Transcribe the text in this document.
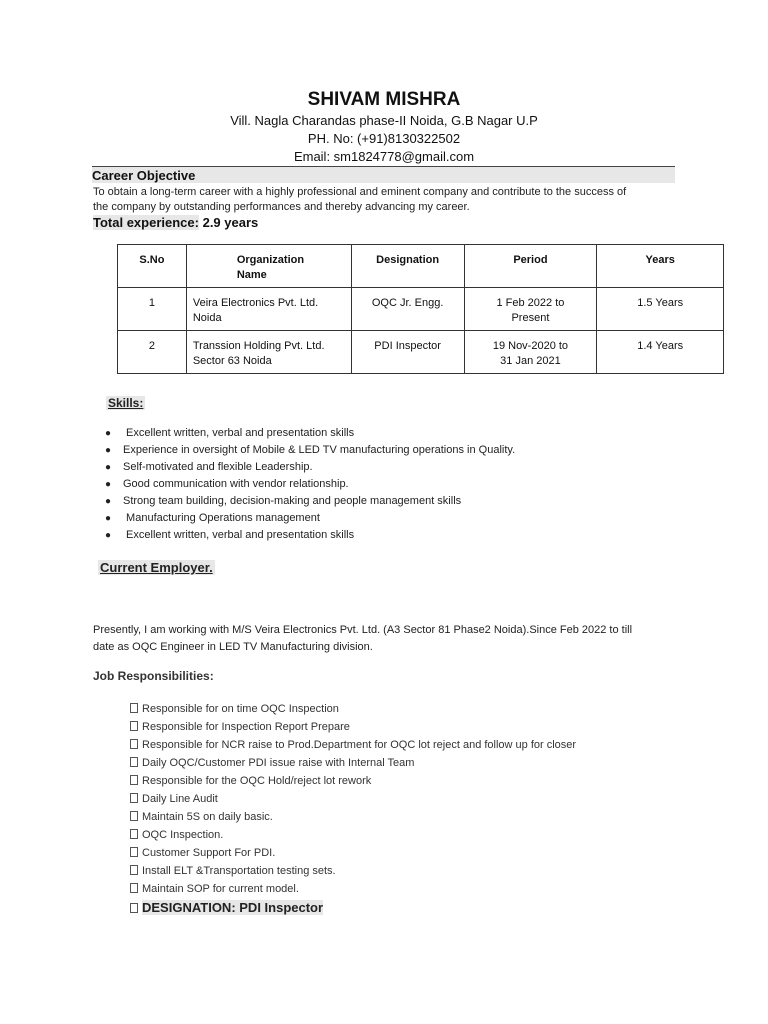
SHIVAM MISHRA
Vill. Nagla Charandas phase-II Noida, G.B Nagar U.P
PH. No: (+91)8130322502
Email: sm1824778@gmail.com
Career Objective
To obtain a long-term career with a highly professional and eminent company and contribute to the success of
the company by outstanding performances and thereby advancing my career.
Total experience: 2.9 years
S.No	Organization Name	Designation	Period	Years
1	Veira Electronics Pvt. Ltd. Noida	OQC Jr. Engg.	1 Feb 2022 to Present	1.5 Years
2	Transsion Holding Pvt. Ltd. Sector 63 Noida	PDI Inspector	19 Nov-2020 to 31 Jan 2021	1.4 Years
Skills:
● Excellent written, verbal and presentation skills
● Experience in oversight of Mobile & LED TV manufacturing operations in Quality.
● Self-motivated and flexible Leadership.
● Good communication with vendor relationship.
● Strong team building, decision-making and people management skills
● Manufacturing Operations management
● Excellent written, verbal and presentation skills
Current Employer.
Presently, I am working with M/S Veira Electronics Pvt. Ltd. (A3 Sector 81 Phase2 Noida).Since Feb 2022 to till
date as OQC Engineer in LED TV Manufacturing division.
Job Responsibilities:
Responsible for on time OQC Inspection
Responsible for Inspection Report Prepare
Responsible for NCR raise to Prod.Department for OQC lot reject and follow up for closer
Daily OQC/Customer PDI issue raise with Internal Team
Responsible for the OQC Hold/reject lot rework
Daily Line Audit
Maintain 5S on daily basic.
OQC Inspection.
Customer Support For PDI.
Install ELT &Transportation testing sets.
Maintain SOP for current model.
DESIGNATION: PDI Inspector
